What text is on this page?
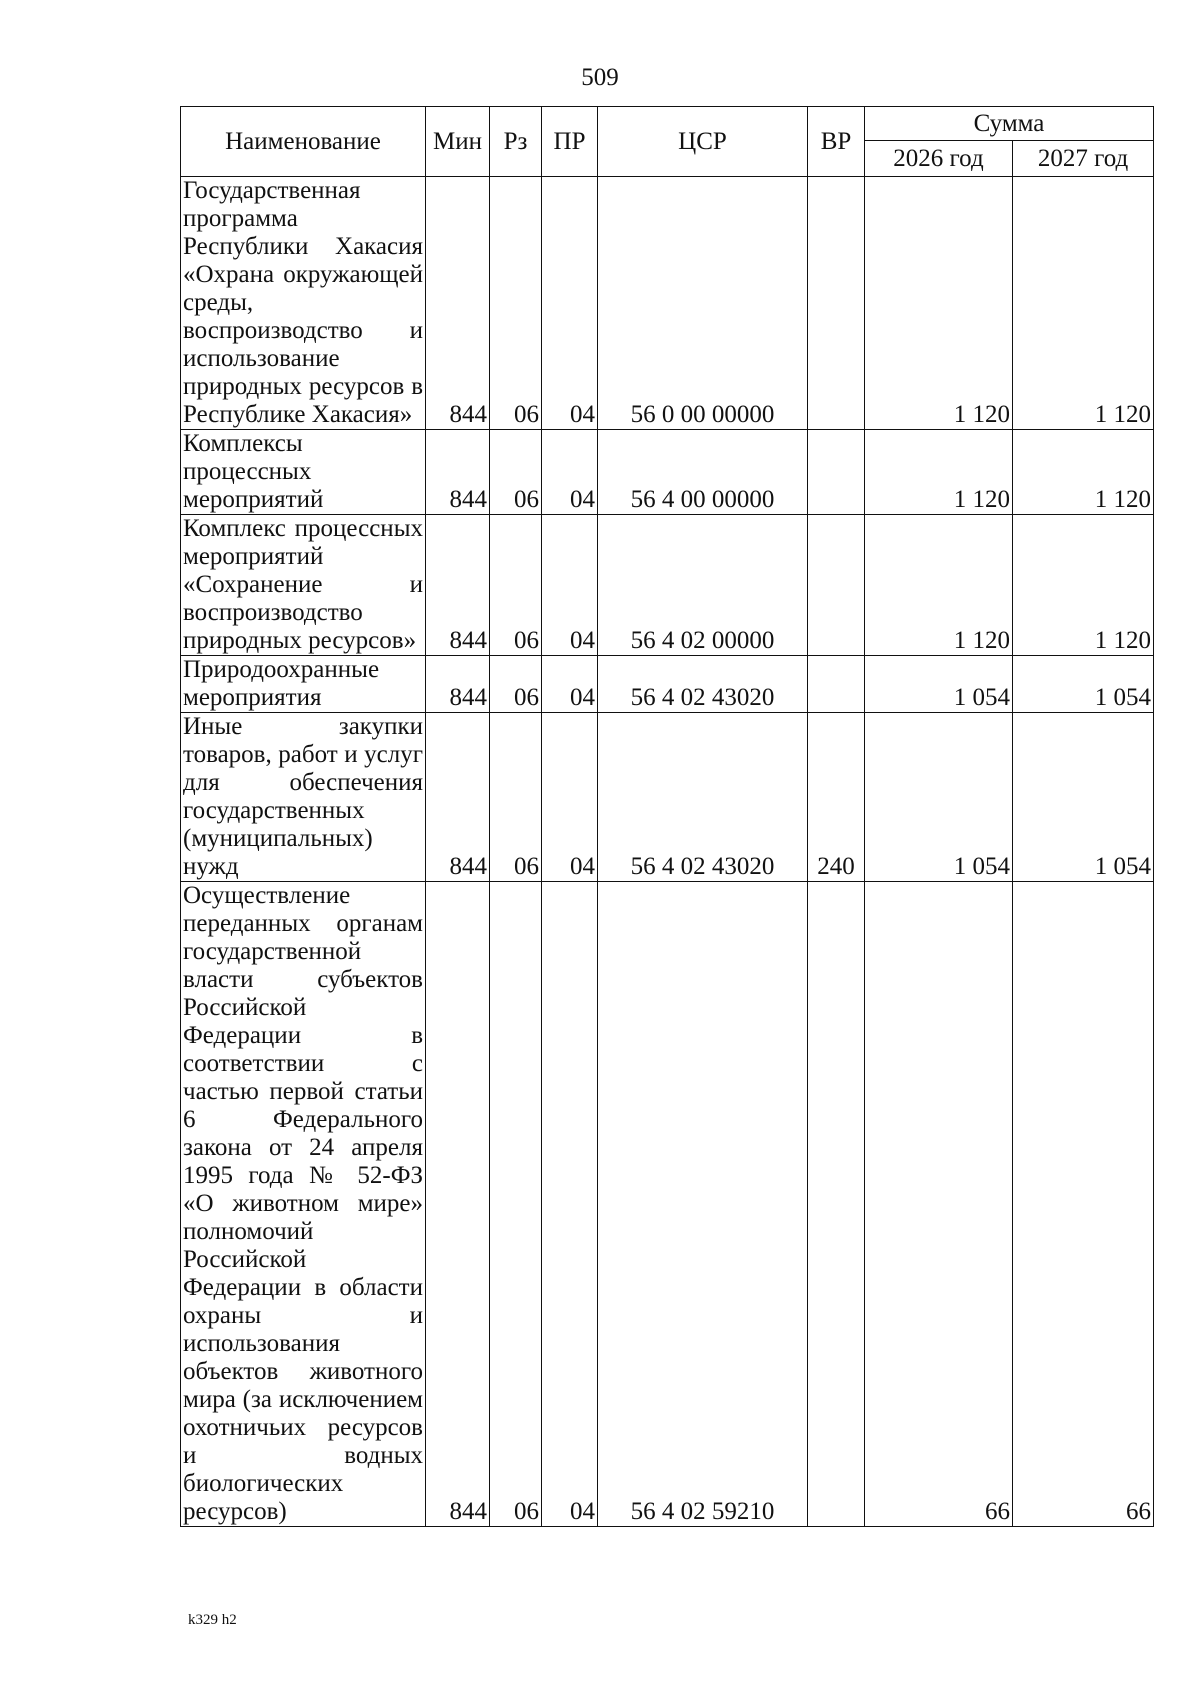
509
Наименование	Мин	Рз	ПР	ЦСР	ВР	Сумма	
						2026 год	2027 год
Государственная программа Республики Хакасия «Охрана окружающей среды, воспроизводство и использование природных ресурсов в Республике Хакасия»	844	06	04	56 0 00 00000		1 120	1 120
Комплексы процессных мероприятий	844	06	04	56 4 00 00000		1 120	1 120
Комплекс процессных мероприятий «Сохранение и воспроизводство природных ресурсов»	844	06	04	56 4 02 00000		1 120	1 120
Природоохранные мероприятия	844	06	04	56 4 02 43020		1 054	1 054
Иные закупки товаров, работ и услуг для обеспечения государственных (муниципальных) нужд	844	06	04	56 4 02 43020	240	1 054	1 054
Осуществление переданных органам государственной власти субъектов Российской Федерации в соответствии с частью первой статьи 6 Федерального закона от 24 апреля 1995 года № 52-ФЗ «О животном мире» полномочий Российской Федерации в области охраны и использования объектов животного мира (за исключением охотничьих ресурсов и водных биологических ресурсов)	844	06	04	56 4 02 59210		66	66
k329 h2
